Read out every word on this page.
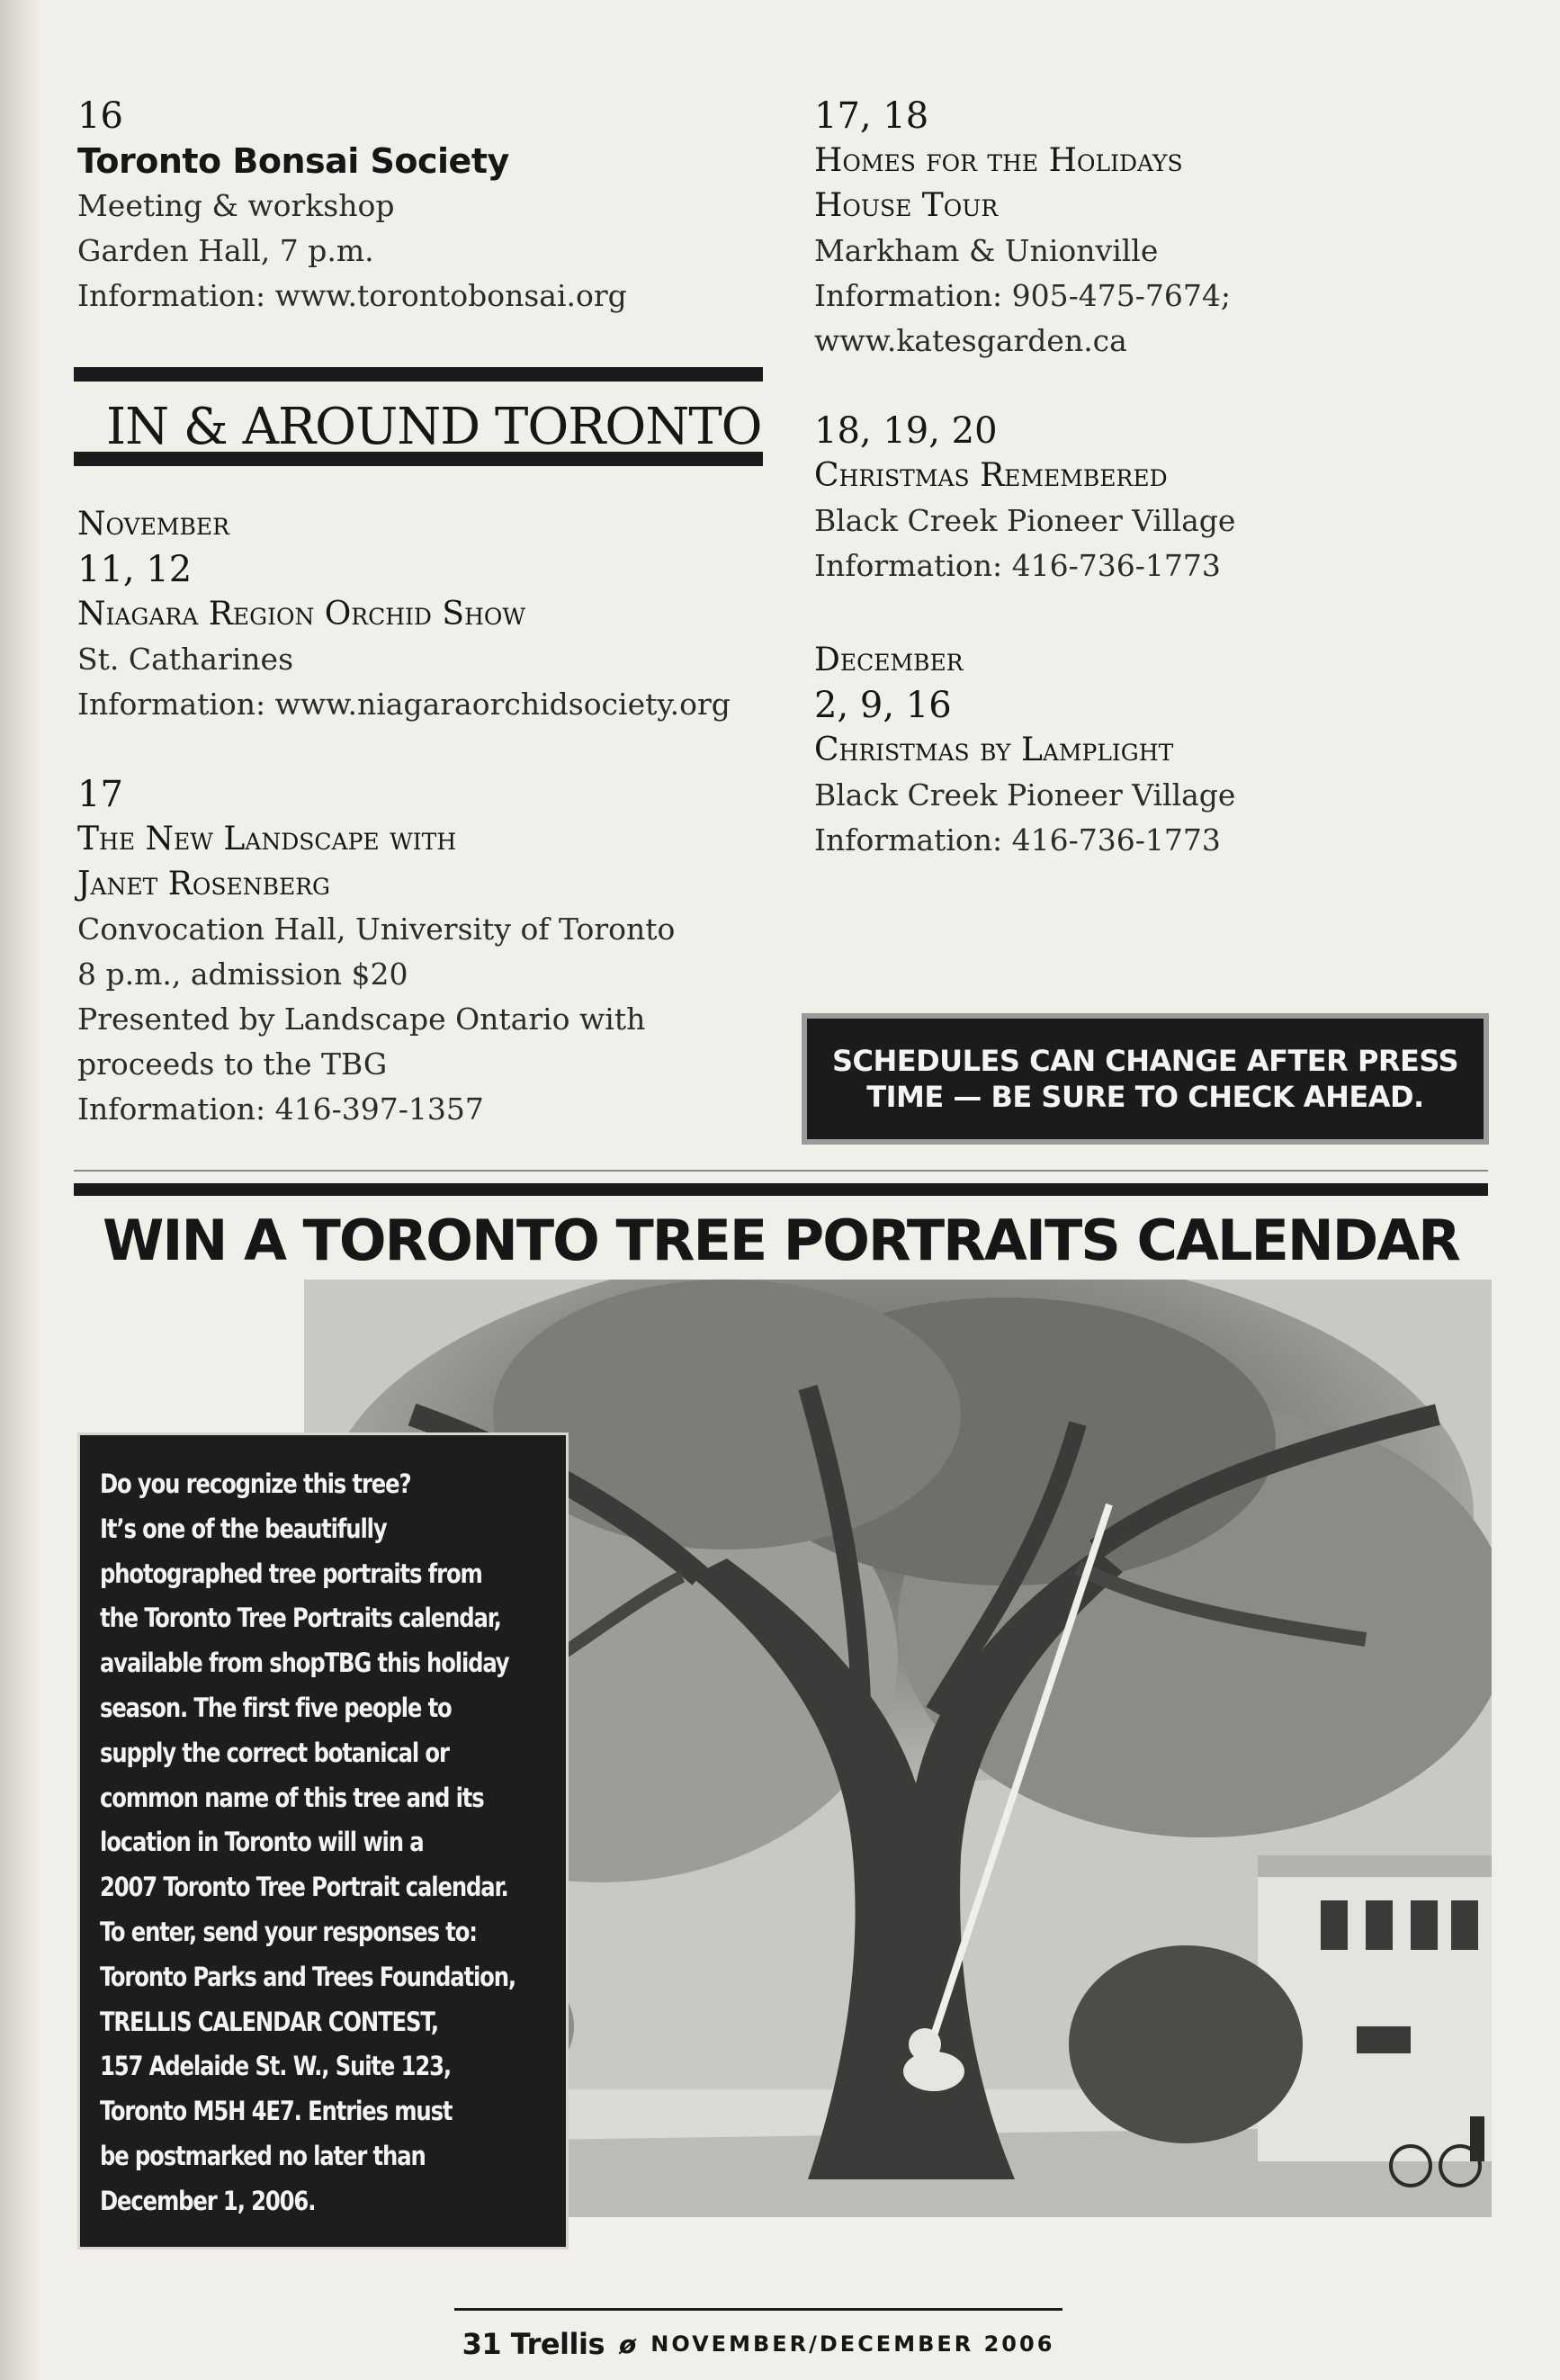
16
Toronto Bonsai Society
Meeting & workshop
Garden Hall, 7 p.m.
Information: www.torontobonsai.org
IN & AROUND TORONTO
November
11, 12
Niagara Region Orchid Show
St. Catharines
Information: www.niagaraorchidsociety.org
17
The New Landscape with
Janet Rosenberg
Convocation Hall, University of Toronto
8 p.m., admission $20
Presented by Landscape Ontario with
proceeds to the TBG
Information: 416-397-1357
17, 18
Homes for the Holidays
House Tour
Markham & Unionville
Information: 905-475-7674;
www.katesgarden.ca
18, 19, 20
Christmas Remembered
Black Creek Pioneer Village
Information: 416-736-1773
December
2, 9, 16
Christmas by Lamplight
Black Creek Pioneer Village
Information: 416-736-1773
SCHEDULES CAN CHANGE AFTER PRESS TIME — BE SURE TO CHECK AHEAD.
WIN A TORONTO TREE PORTRAITS CALENDAR
Do you recognize this tree?
It’s one of the beautifully
photographed tree portraits from
the Toronto Tree Portraits calendar,
available from shopTBG this holiday
season. The first five people to
supply the correct botanical or
common name of this tree and its
location in Toronto will win a
2007 Toronto Tree Portrait calendar.
To enter, send your responses to:
Toronto Parks and Trees Foundation,
TRELLIS CALENDAR CONTEST,
157 Adelaide St. W., Suite 123,
Toronto M5H 4E7. Entries must
be postmarked no later than
December 1, 2006.
31 Trellis ø NOVEMBER/DECEMBER 2006
